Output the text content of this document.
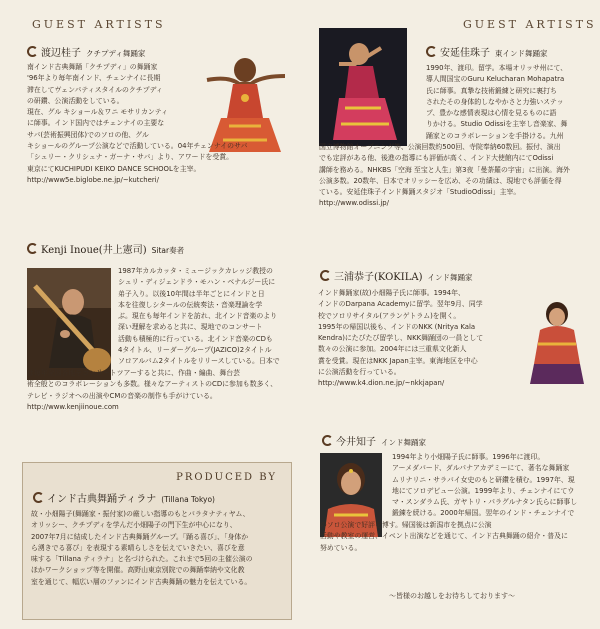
GUEST ARTISTS
渡辺桂子 クチプディ舞踊家

南インド古典舞踊「クチプディ」の舞踊家
'96年より毎年南インド、チェンナイに長期
滞在してヴェンパティスタイルのクチプディ
の研鑽、公演活動をしている。
現在、グル キショール＆ワニ モサリカンティ
に師事。インド国内ではチェンナイの主要な
サバ(芸術振興団体)でのソロの他、グル
キショールのグループ公演などで活動している。04年チェンナイのサバ
「シュリー・クリシュナ・ガーナ・サバ」より、アワードを受賞。
東京にてKUCHIPUDI KEIKO DANCE SCHOOLを主宰。
http://www5e.biglobe.ne.jp/~kutcheri/

Kenji Inoue(井上憲司) Sitar奏者

1987年カルカッタ・ミュージックカレッジ教授の
シュリ・ディジェンドラ・モハン・ベナルジー氏に
弟子入り。以後10年間は半年ごとにインドと日
本を往復しシタールの伝統奏法・音楽理論を学
ぶ。現在も毎年インドを訪れ、北インド音楽のより
深い理解を求めると共に、現地でのコンサート
活動も積極的に行っている。北インド音楽のCDも
4タイトル、リーダーグループ(JAZICO)2タイトル
ソロアルバム2タイトルをリリースしている。日本で

は毎年全国各地をコンサートツアーすると共に、作曲・編曲、舞台芸
術全般とのコラボレーションも多数。様々なアーティストのCDに参加も数多く、
テレビ・ラジオへの出演やCMの音楽の制作も手がけている。
http://www.kenjiinoue.com

PRODUCED BY
インド古典舞踊ティラナ (Tillana Tokyo)

故・小畑陽子(舞踊家・振付家)の厳しい指導のもとバラタナティヤム、
オリッシー、クチプディを学んだ小畑陽子の門下生が中心になり、
2007年7月に結成したインド古典舞踊グループ。「踊る喜び」、「身体か
ら湧きでる喜び」を表現する素晴らしさを伝えていきたい、喜びを意
味する「Tillana ティラナ」と名づけられた。これまで5回の主催公演の
ほかワークショップ等を開催。高野山東京別院での舞踊奉納や文化教
室を通じて、幅広い層のファンにインド古典舞踊の魅力を伝えている。

GUEST ARTISTS
安延佳珠子 東インド舞踊家

1990年、渡印。留学。本場オリッサ州にて、
導人間国宝のGuru Kelucharan Mohapatra
氏に師事。真摯な技術鍛練と研究に裏打ち
されたその身体的しなやかさと力強いステッ
プ、豊かな感情表現は心情を見るものに語
りかける。Studio Odissiを主宰し音楽家、舞
踊家とのコラボレーションを手掛ける。九州

国立博物館オープニング等、公演回数約500回、寺院奉納60数回。振付、演出
でも定評がある他、後進の指導にも評価が高く、インド大使館内にてOdissi
講師を務める。NHKBS「空海 至宝と人生」第3夜「曼荼羅の宇宙」に出演。海外
公演多数。20数年、日本でオリッシーを広め、その功績は、現地でも評価を得
ている。安延佳珠子インド舞踊スタジオ「StudioOdissi」主宰。
http://www.odissi.jp/

三浦恭子(KOKILA) インド舞踊家

インド舞踊家(故)小畑陽子氏に師事。1994年、
インドのDarpana Academyに留学。翌年9月、同学
校でソロリサイタル(アランゲトラム)を開く。
1995年の帰国以後も、インドのNKK (Nritya Kala
Kendra)にたびたび留学し、NKK舞踊団の一員として
数々の公演に参加。2004年には三重県文化新人
賞を受賞。現在はNKK Japan主宰。東海地区を中心
に公演活動を行っている。
http://www.k4.dion.ne.jp/~nkkjapan/

今井知子 インド舞踊家

1994年より小畑陽子氏に師事。1996年に渡印。
アーメダバード、ダルパナアカデミーにて、著名な舞踊家
ムリナリニ・サラバイ女史のもと研鑽を積む。1997年、現
地にてソロデビュー公演。1999年より、チェンナイにてウ
マ・スンダラム氏、ガヤトリ・パラグルナタン氏らに師事し
鍛錬を続ける。2000年帰国。翌年のインド・チェンナイで

のソロ公演で好評を博す。帰国後は新潟市を拠点に公演
活動や教室の運営、イベント出演などを通じて、インド古典舞踊の紹介・普及に
努めている。

〜皆様のお越しをお待ちしております〜
